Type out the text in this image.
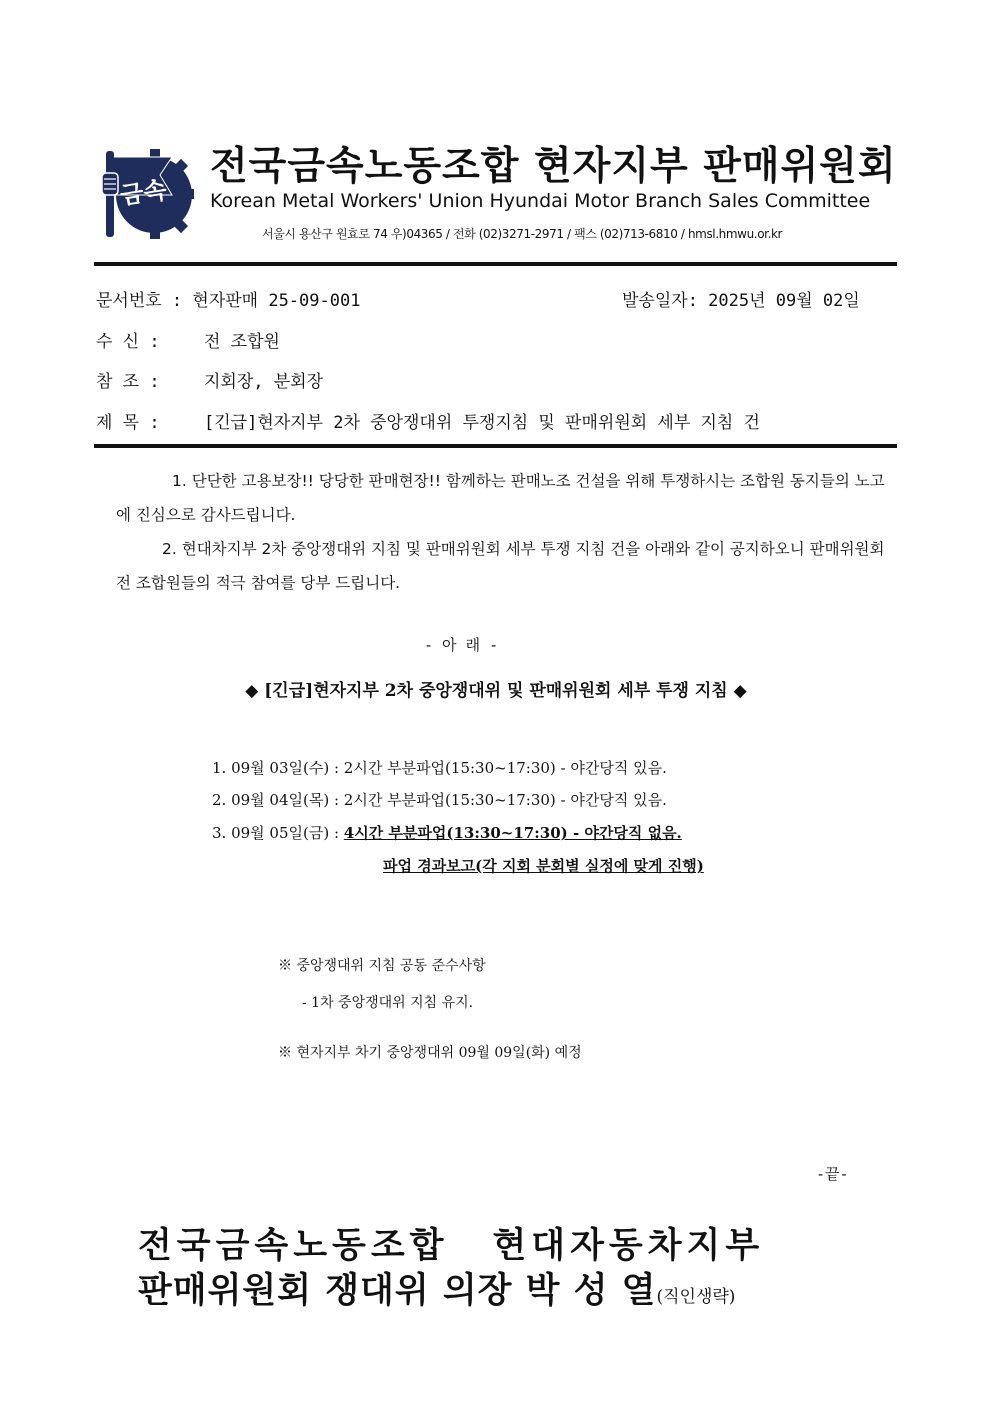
금속
전국금속노동조합 현자지부 판매위원회
Korean Metal Workers' Union Hyundai Motor Branch Sales Committee
서울시 용산구 원효로 74 우)04365 / 전화 (02)3271-2971 / 팩스 (02)713-6810 / hmsl.hmwu.or.kr
문서번호 : 현자판매 25-09-001	발송일자: 2025년 09월 02일
수 신 :	전 조합원
참 조 :	지회장, 분회장
제 목 :	[긴급]현자지부 2차 중앙쟁대위 투쟁지침 및 판매위원회 세부 지침 건
1. 단단한 고용보장!! 당당한 판매현장!! 함께하는 판매노조 건설을 위해 투쟁하시는 조합원 동지들의 노고에 진심으로 감사드립니다.
2. 현대차지부 2차 중앙쟁대위 지침 및 판매위원회 세부 투쟁 지침 건을 아래와 같이 공지하오니 판매위원회 전 조합원들의 적극 참여를 당부 드립니다.
- 아 래 -
◆ [긴급]현자지부 2차 중앙쟁대위 및 판매위원회 세부 투쟁 지침 ◆
1. 09월 03일(수) : 2시간 부분파업(15:30~17:30) - 야간당직 있음.
2. 09월 04일(목) : 2시간 부분파업(15:30~17:30) - 야간당직 있음.
3. 09월 05일(금) : 4시간 부분파업(13:30~17:30) - 야간당직 없음.
파업 경과보고(각 지회 분회별 실정에 맞게 진행)
※ 중앙쟁대위 지침 공동 준수사항
- 1차 중앙쟁대위 지침 유지.
※ 현자지부 차기 중앙쟁대위 09월 09일(화) 예정
-끝-
전국금속노동조합 현대자동차지부
판매위원회 쟁대위 의장 박 성 열(직인생략)
